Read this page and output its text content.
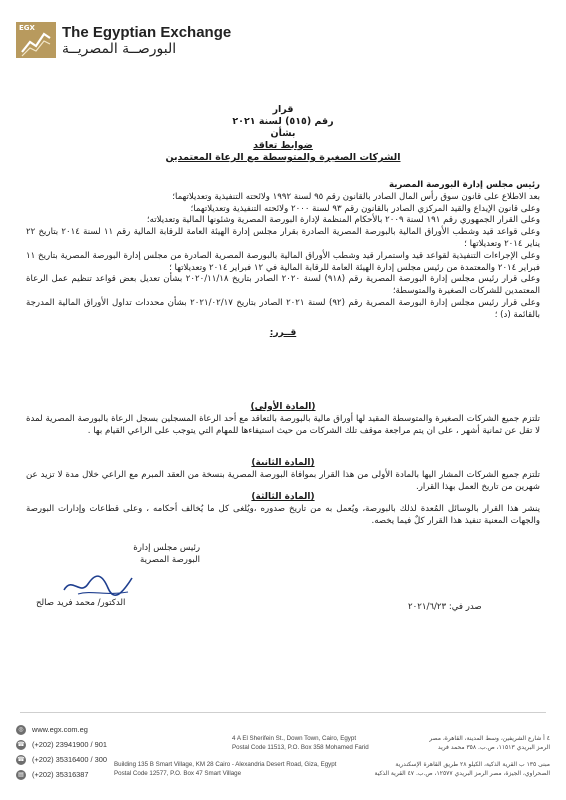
EGX The Egyptian Exchange
البورصــة المصريــة
قرار
رقم (٥١٥) لسنة ٢٠٢١
بشأن
ضوابط تعاقد
الشركات الصغيرة والمتوسطة مع الرعاة المعتمدين
رئيس مجلس إدارة البورصة المصرية
بعد الاطلاع على قانون سوق رأس المال الصادر بالقانون رقم ٩٥ لسنة ١٩٩٢ ولائحته التنفيذية وتعديلاتهما؛
وعلى قانون الإيداع والقيد المركزي الصادر بالقانون رقم ٩٣ لسنة ٢٠٠٠ ولائحته التنفيذية وتعديلاتهما؛
وعلى القرار الجمهوري رقم ١٩١ لسنة ٢٠٠٩ بالأحكام المنظمة لإدارة البورصة المصرية وشئونها المالية وتعديلاته؛
وعلى قواعد قيد وشطب الأوراق المالية بالبورصة المصرية الصادرة بقرار مجلس إدارة الهيئة العامة للرقابة المالية رقم ١١ لسنة ٢٠١٤ بتاريخ ٢٢ يناير ٢٠١٤ وتعديلاتها ؛
وعلى الإجراءات التنفيذية لقواعد قيد واستمرار قيد وشطب الأوراق المالية بالبورصة المصرية الصادرة من مجلس إدارة البورصة المصرية بتاريخ ١١ فبراير ٢٠١٤ والمعتمدة من رئيس مجلس إدارة الهيئة العامة للرقابة المالية في ١٢ فبراير ٢٠١٤ وتعديلاتها ؛
وعلى قرار رئيس مجلس إدارة البورصة المصرية رقم (٩١٨) لسنة ٢٠٢٠ الصادر بتاريخ ٢٠٢٠/١١/١٨ بشأن تعديل بعض قواعد تنظيم عمل الرعاة المعتمدين للشركات الصغيرة والمتوسطة؛
وعلى قرار رئيس مجلس إدارة البورصة المصرية رقم (٩٢) لسنة ٢٠٢١ الصادر بتاريخ ٢٠٢١/٠٢/١٧ بشأن محددات تداول الأوراق المالية المدرجة بالقائمة (د) ؛
قــرر:
(المادة الأولى)
تلتزم جميع الشركات الصغيرة والمتوسطة المقيد لها أوراق مالية بالبورصة بالتعاقد مع أحد الرعاة المسجلين بسجل الرعاة بالبورصة المصرية لمدة لا تقل عن ثمانية أشهر ، على ان يتم مراجعة موقف تلك الشركات من حيث استيفاءها للمهام التي يتوجب على الراعي القيام بها .
(المادة الثانية)
تلتزم جميع الشركات المشار اليها بالمادة الأولى من هذا القرار بموافاة البورصة المصرية بنسخة من العقد المبرم مع الراعي خلال مدة لا تزيد عن شهرين من تاريخ العمل بهذا القرار.
(المادة الثالثة)
ينشر هذا القرار بالوسائل المُعدة لذلك بالبورصة، ويُعمل به من تاريخ صدوره ،ويُلغى كل ما يُخالف أحكامه ، وعلى قطاعات وإدارات البورصة والجهات المعنية تنفيذ هذا القرار كلٌ فيما يخصه.
رئيس مجلس إدارة
البورصة المصرية
الدكتور/ محمد فريد صالح	صدر في: ٢٠٢١/٦/٢٣
◎	www.egx.com.eg
☎ (+202) 23941900 / 901
☎ (+202) 35316400 / 300
▤ (+202) 35316387
4 A El Sherifein St., Down Town, Cairo, Egypt
Postal Code 11513, P.O. Box 358 Mohamed Farid
Building 135 B Smart Village, KM 28 Cairo - Alexandria Desert Road, Giza, Egypt
Postal Code 12577, P.O. Box 47 Smart Village
٤ أ شارع الشريفين، وسط المدينة، القاهرة، مصر
الرمز البريدي ١١٥١٣، ص.ب. ٣٥٨ محمد فريد
مبنى ١٣٥ ب القرية الذكية، الكيلو ٢٨ طريق القاهرة الإسكندرية
الصحراوي، الجيزة، مصر الرمز البريدي ١٢٥٧٧، ص.ب. ٤٧ القرية الذكية
